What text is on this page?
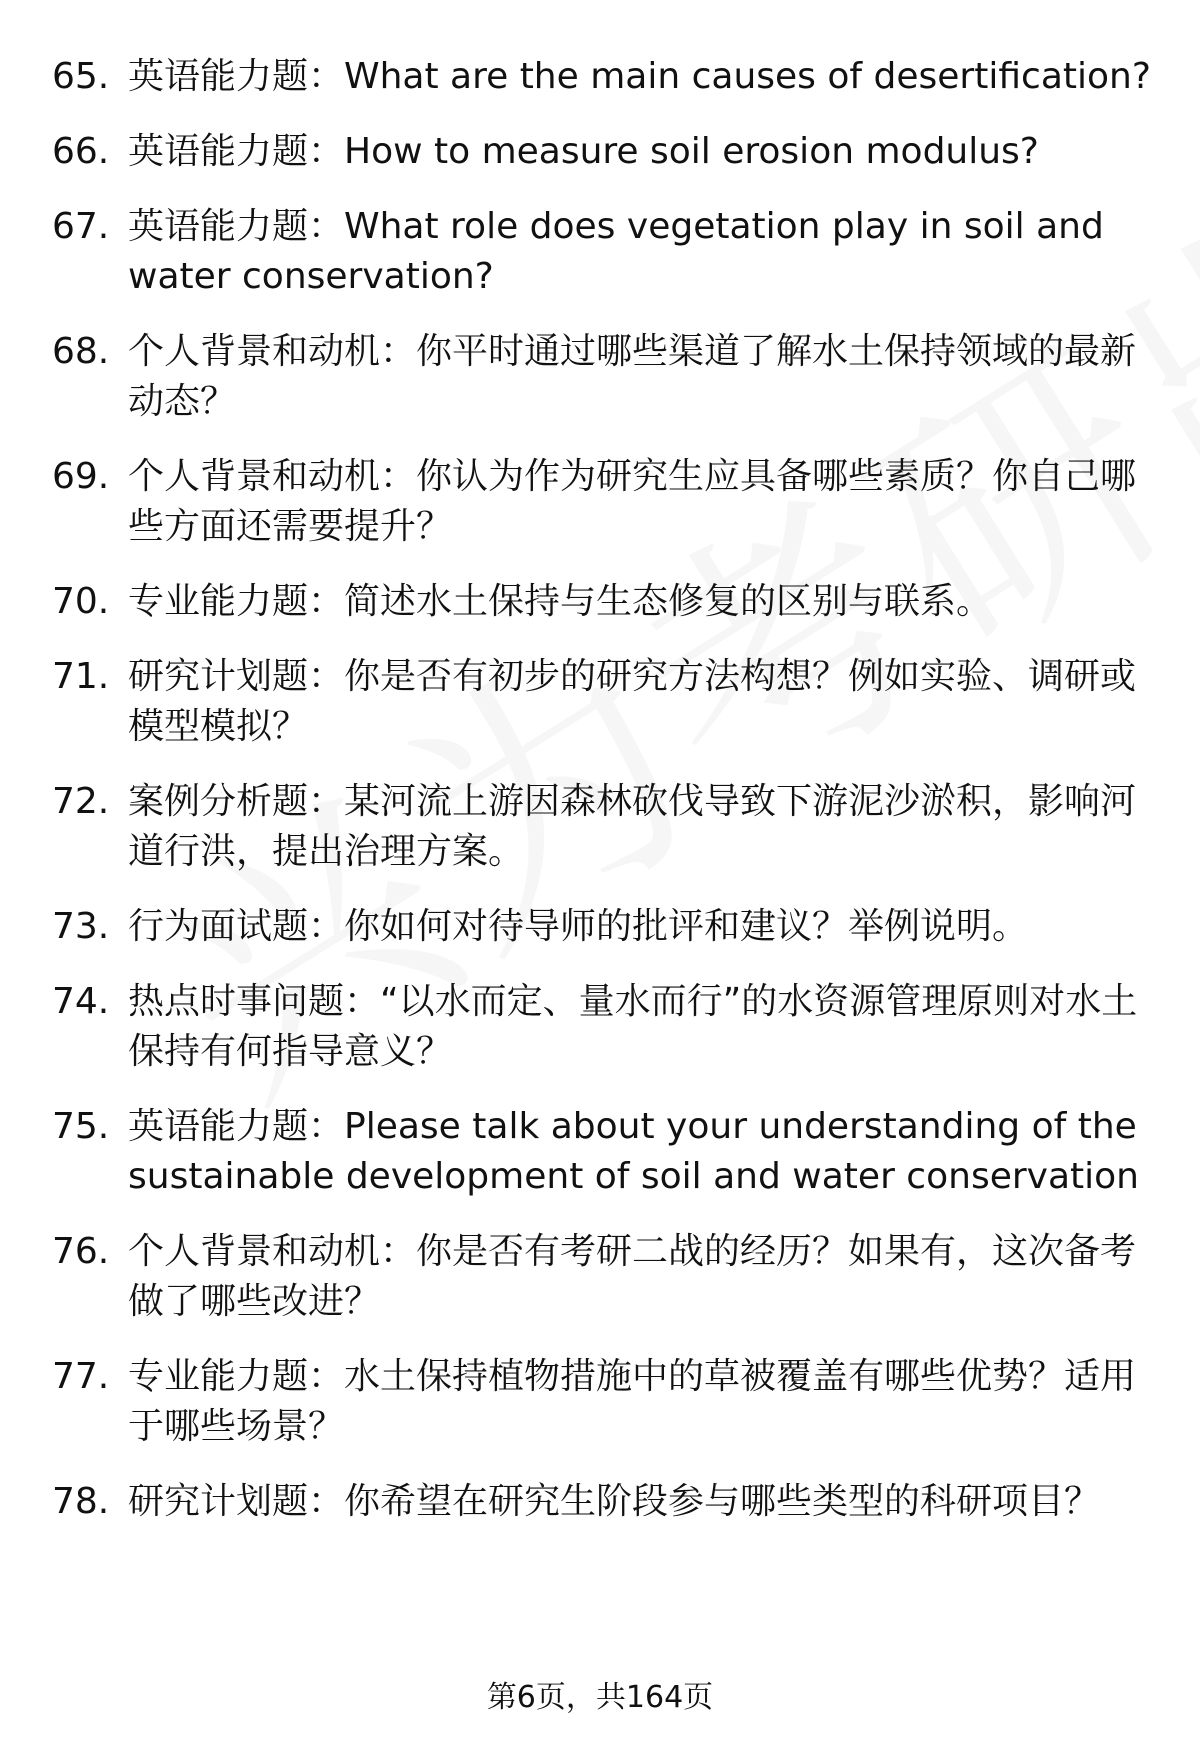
65. 英语能力题：What are the main causes of desertification?
66. 英语能力题：How to measure soil erosion modulus?
67. 英语能力题：What role does vegetation play in soil and water conservation?
68. 个人背景和动机：你平时通过哪些渠道了解水土保持领域的最新动态？
69. 个人背景和动机：你认为作为研究生应具备哪些素质？你自己哪些方面还需要提升？
70. 专业能力题：简述水土保持与生态修复的区别与联系。
71. 研究计划题：你是否有初步的研究方法构想？例如实验、调研或模型模拟？
72. 案例分析题：某河流上游因森林砍伐导致下游泥沙淤积，影响河道行洪，提出治理方案。
73. 行为面试题：你如何对待导师的批评和建议？举例说明。
74. 热点时事问题：“以水而定、量水而行”的水资源管理原则对水土保持有何指导意义？
75. 英语能力题：Please talk about your understanding of the sustainable development of soil and water conservation
76. 个人背景和动机：你是否有考研二战的经历？如果有，这次备考做了哪些改进？
77. 专业能力题：水土保持植物措施中的草被覆盖有哪些优势？适用于哪些场景？
78. 研究计划题：你希望在研究生阶段参与哪些类型的科研项目？
第6页，共164页
